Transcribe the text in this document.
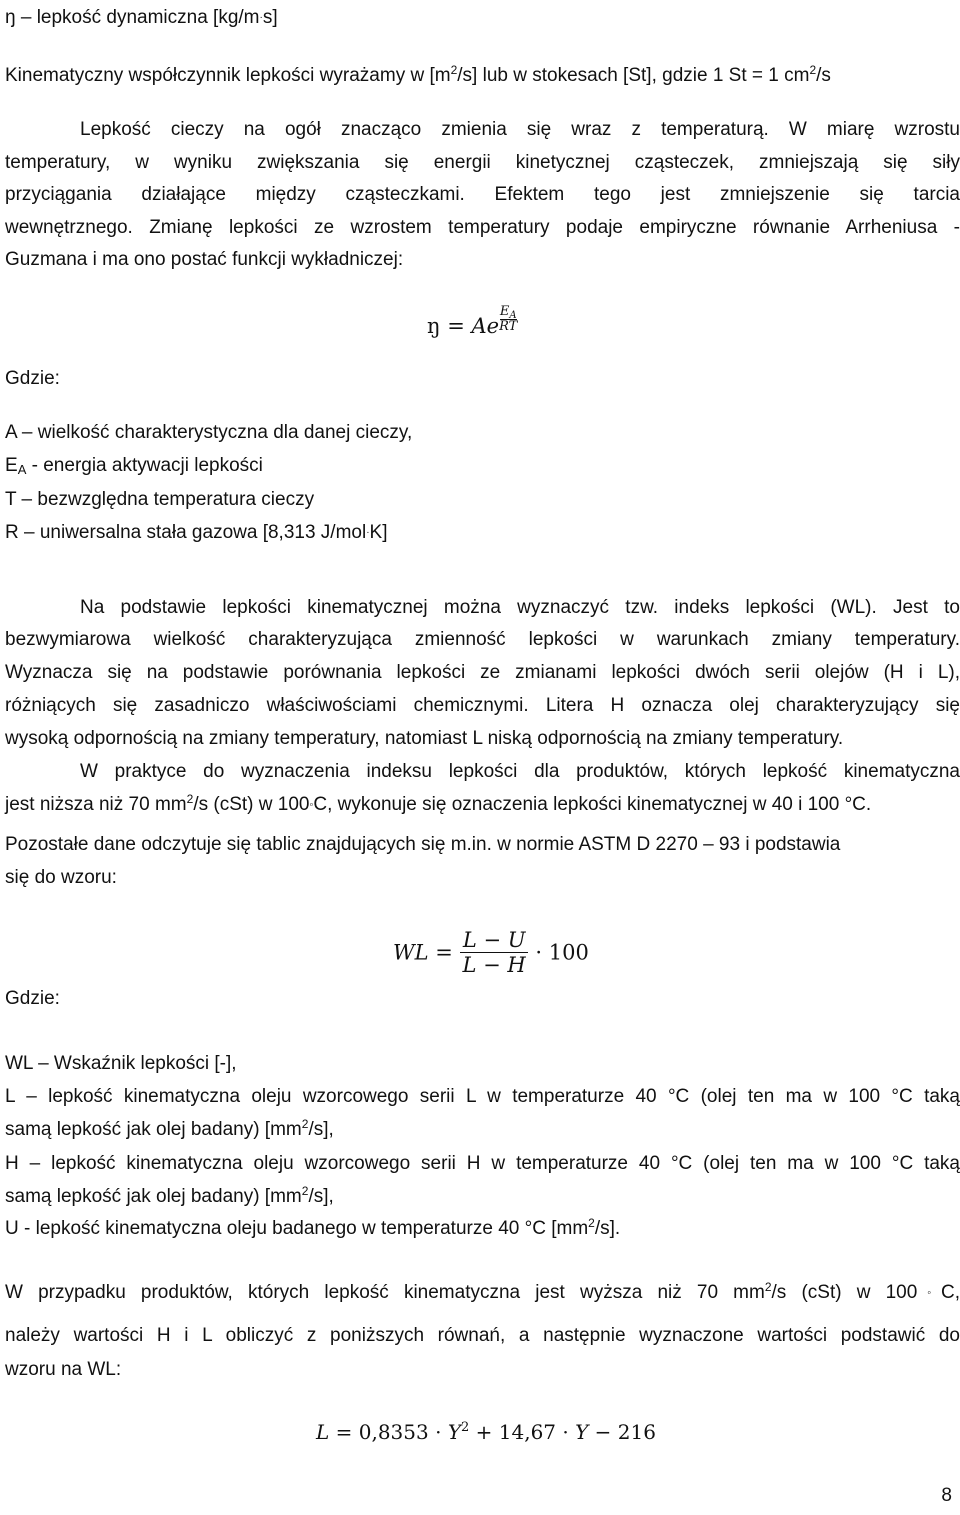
ŋ – lepkość dynamiczna [kg/m·s]
Kinematyczny współczynnik lepkości wyrażamy w $[m^2/s]$ lub w stokesach [St], gdzie 1 St = 1 $cm^2/s$
Lepkość cieczy na ogół znacząco zmienia się wraz z temperaturą. W miarę wzrostu
temperatury, w wyniku zwiększania się energii kinetycznej cząsteczek, zmniejszają się siły
przyciągania działające między cząsteczkami. Efektem tego jest zmniejszenie się tarcia
wewnętrznego. Zmianę lepkości ze wzrostem temperatury podaje empiryczne równanie Arrheniusa -
Guzmana i ma ono postać funkcji wykładniczej:
ŋ = Ae $\frac{E_A}{RT}$
Gdzie:
A – wielkość charakterystyczna dla danej cieczy,
$E_A$ - energia aktywacji lepkości
T – bezwzględna temperatura cieczy
R – uniwersalna stała gazowa [8,313 J/mol·K]
Na podstawie lepkości kinematycznej można wyznaczyć tzw. indeks lepkości (WL). Jest to
bezwymiarowa wielkość charakteryzująca zmienność lepkości w warunkach zmiany temperatury.
Wyznacza się na podstawie porównania lepkości ze zmianami lepkości dwóch serii olejów (H i L),
różniących się zasadniczo właściwościami chemicznymi. Litera H oznacza olej charakteryzujący się
wysoką odpornością na zmiany temperatury, natomiast L niską odpornością na zmiany temperatury.
W praktyce do wyznaczenia indeksu lepkości dla produktów, których lepkość kinematyczna
jest niższa niż 70 $mm^2/s$ (cSt) w 100◦C, wykonuje się oznaczenia lepkości kinematycznej w 40 i 100 °C.
Pozostałe dane odczytuje się tablic znajdujących się m.in. w normie ASTM D 2270 – 93 i podstawia
się do wzoru:
WL = $\frac{L - U}{L - H} \cdot 100$
Gdzie:
WL – Wskaźnik lepkości [-],
L – lepkość kinematyczna oleju wzorcowego serii L w temperaturze 40 °C (olej ten ma w 100 °C taką
samą lepkość jak olej badany) $[mm^2/s]$,
H – lepkość kinematyczna oleju wzorcowego serii H w temperaturze 40 °C (olej ten ma w 100 °C taką
samą lepkość jak olej badany) $[mm^2/s]$,
U - lepkość kinematyczna oleju badanego w temperaturze 40 °C $[mm^2/s]$.
W przypadku produktów, których lepkość kinematyczna jest wyższa niż 70 $mm^2/s$ (cSt) w 100◦C,
należy wartości H i L obliczyć z poniższych równań, a następnie wyznaczone wartości podstawić do
wzoru na WL:
$L = 0,8353 \cdot Y^2 + 14,67 \cdot Y - 216$
8
